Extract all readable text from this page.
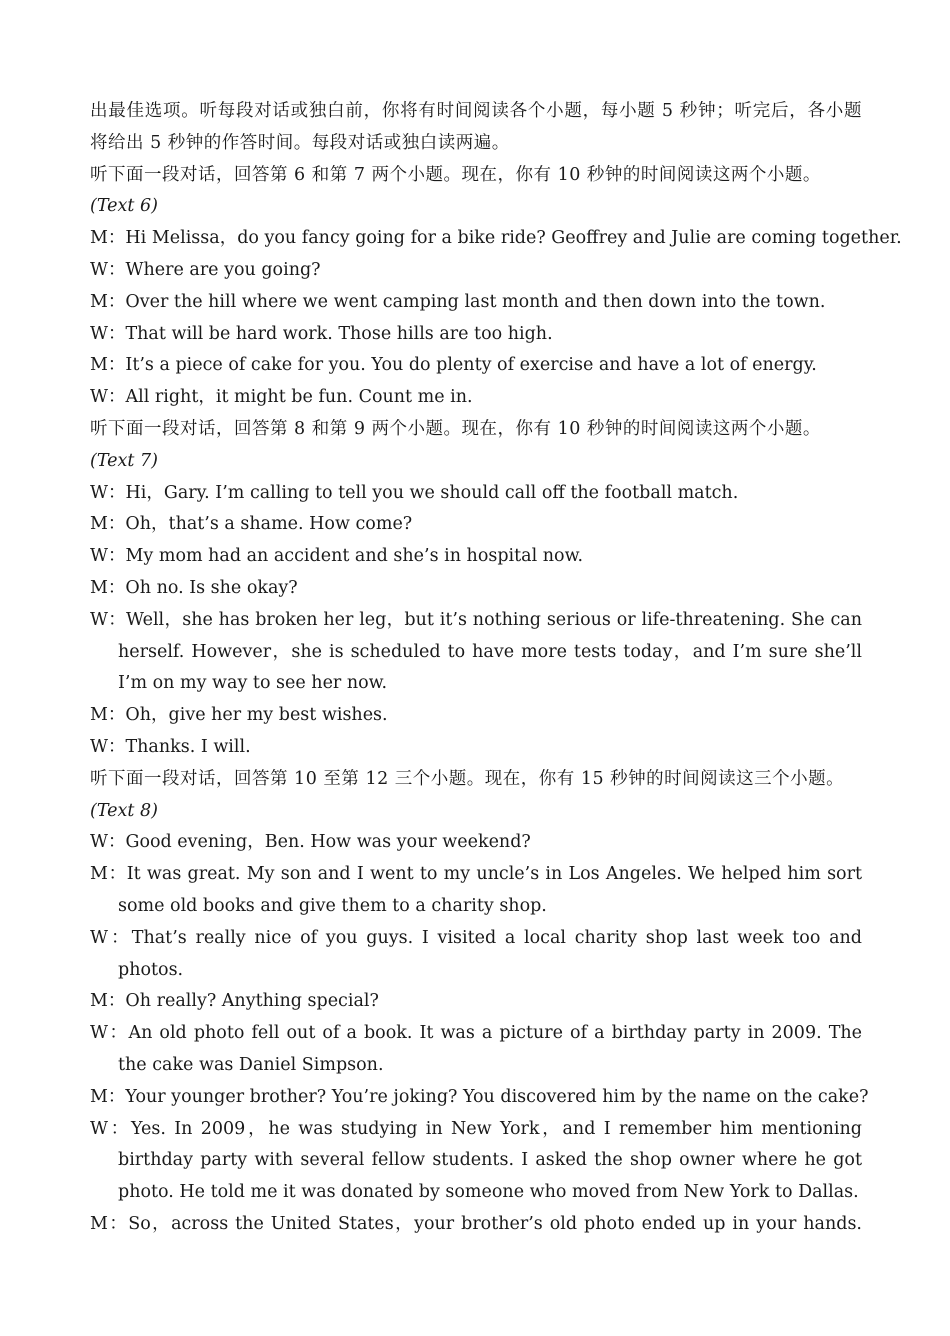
出最佳选项。听每段对话或独白前，你将有时间阅读各个小题，每小题 5 秒钟；听完后，各小题
将给出 5 秒钟的作答时间。每段对话或独白读两遍。
听下面一段对话，回答第 6 和第 7 两个小题。现在，你有 10 秒钟的时间阅读这两个小题。
(Text 6)
M：Hi Melissa，do you fancy going for a bike ride? Geoffrey and Julie are coming together.
W：Where are you going?
M：Over the hill where we went camping last month and then down into the town.
W：That will be hard work. Those hills are too high.
M：It’s a piece of cake for you. You do plenty of exercise and have a lot of energy.
W：All right，it might be fun. Count me in.
听下面一段对话，回答第 8 和第 9 两个小题。现在，你有 10 秒钟的时间阅读这两个小题。
(Text 7)
W：Hi，Gary. I’m calling to tell you we should call off the football match.
M：Oh，that’s a shame. How come?
W：My mom had an accident and she’s in hospital now.
M：Oh no. Is she okay?
W：Well，she has broken her leg，but it’s nothing serious or life-threatening. She can
herself. However，she is scheduled to have more tests today，and I’m sure she’ll
I’m on my way to see her now.
M：Oh，give her my best wishes.
W：Thanks. I will.
听下面一段对话，回答第 10 至第 12 三个小题。现在，你有 15 秒钟的时间阅读这三个小题。
(Text 8)
W：Good evening，Ben. How was your weekend?
M：It was great. My son and I went to my uncle’s in Los Angeles. We helped him sort
some old books and give them to a charity shop.
W：That’s really nice of you guys. I visited a local charity shop last week too and
photos.
M：Oh really? Anything special?
W：An old photo fell out of a book. It was a picture of a birthday party in 2009. The
the cake was Daniel Simpson.
M：Your younger brother? You’re joking? You discovered him by the name on the cake?
W：Yes. In 2009，he was studying in New York，and I remember him mentioning
birthday party with several fellow students. I asked the shop owner where he got
photo. He told me it was donated by someone who moved from New York to Dallas.
M：So，across the United States，your brother’s old photo ended up in your hands.
